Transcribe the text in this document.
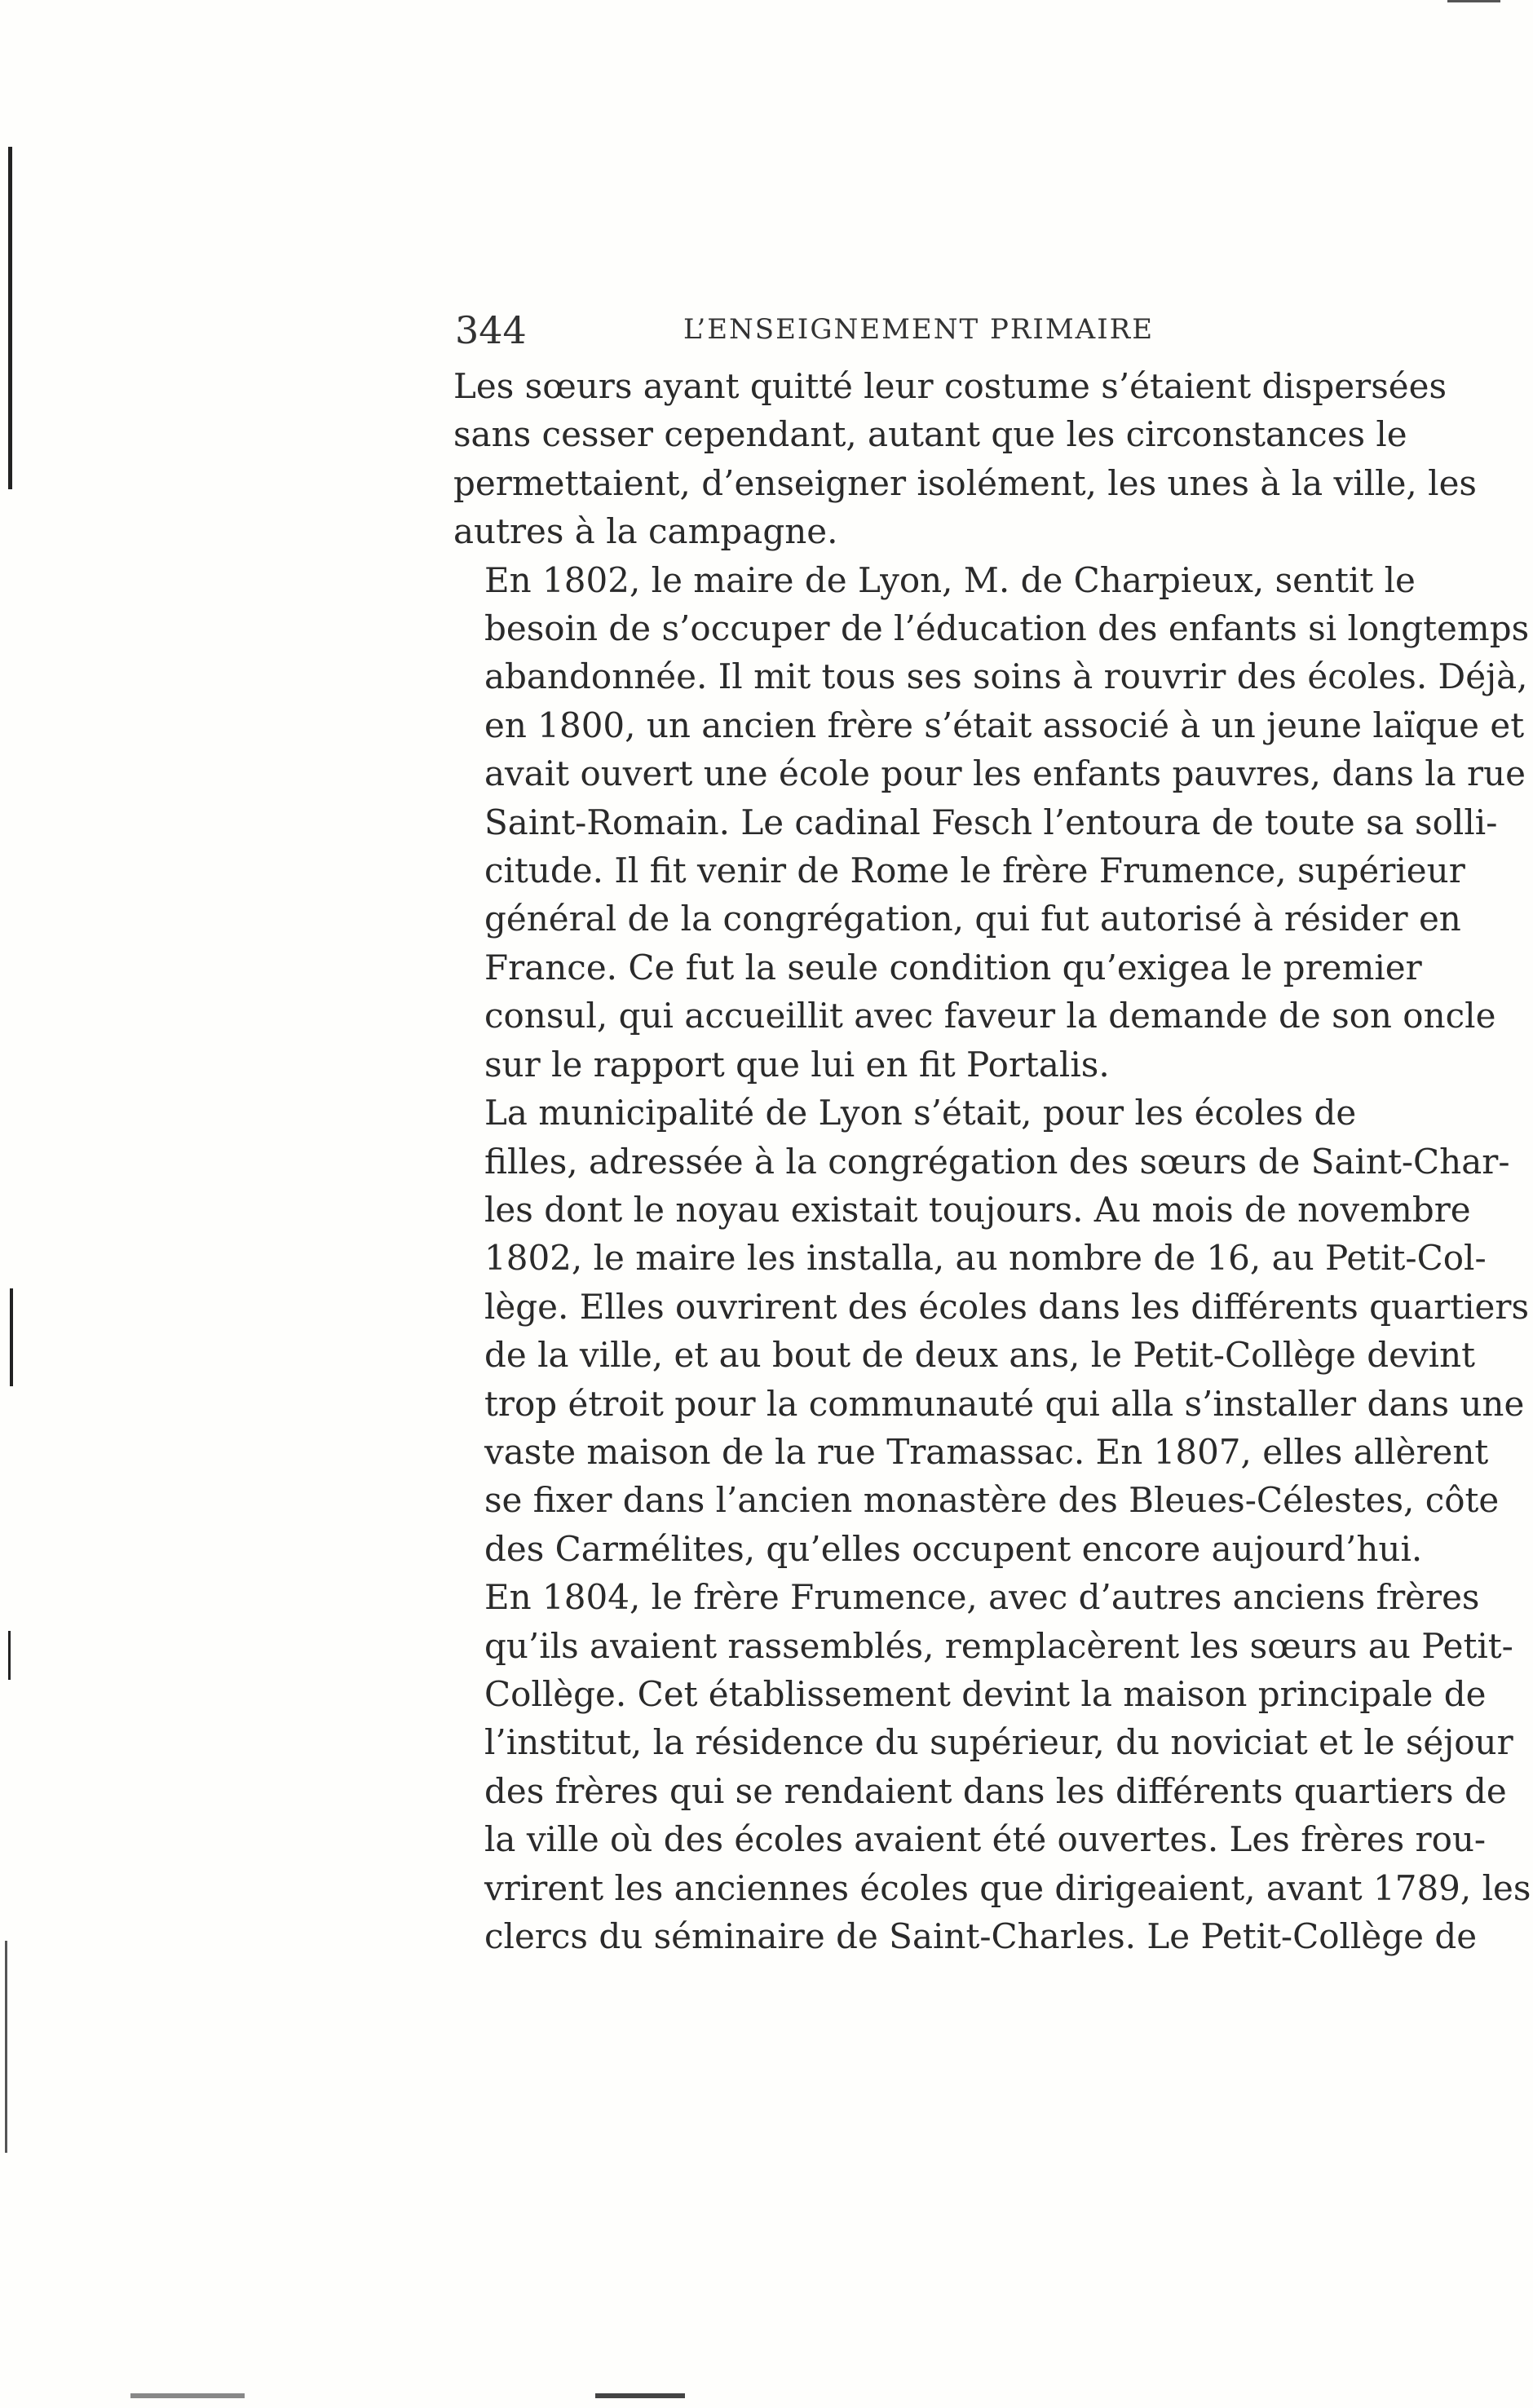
344	L’ENSEIGNEMENT PRIMAIRE

Les sœurs ayant quitté leur costume s’étaient dispersées
sans cesser cependant, autant que les circonstances le
permettaient, d’enseigner isolément, les unes à la ville, les
autres à la campagne.

En 1802, le maire de Lyon, M. de Charpieux, sentit le
besoin de s’occuper de l’éducation des enfants si longtemps
abandonnée. Il mit tous ses soins à rouvrir des écoles. Déjà,
en 1800, un ancien frère s’était associé à un jeune laïque et
avait ouvert une école pour les enfants pauvres, dans la rue
Saint-Romain. Le cadinal Fesch l’entoura de toute sa solli-
citude. Il fit venir de Rome le frère Frumence, supérieur
général de la congrégation, qui fut autorisé à résider en
France. Ce fut la seule condition qu’exigea le premier
consul, qui accueillit avec faveur la demande de son oncle
sur le rapport que lui en fit Portalis.

La municipalité de Lyon s’était, pour les écoles de
filles, adressée à la congrégation des sœurs de Saint-Char-
les dont le noyau existait toujours. Au mois de novembre
1802, le maire les installa, au nombre de 16, au Petit-Col-
lège. Elles ouvrirent des écoles dans les différents quartiers
de la ville, et au bout de deux ans, le Petit-Collège devint
trop étroit pour la communauté qui alla s’installer dans une
vaste maison de la rue Tramassac. En 1807, elles allèrent
se fixer dans l’ancien monastère des Bleues-Célestes, côte
des Carmélites, qu’elles occupent encore aujourd’hui.

En 1804, le frère Frumence, avec d’autres anciens frères
qu’ils avaient rassemblés, remplacèrent les sœurs au Petit-
Collège. Cet établissement devint la maison principale de
l’institut, la résidence du supérieur, du noviciat et le séjour
des frères qui se rendaient dans les différents quartiers de
la ville où des écoles avaient été ouvertes. Les frères rou-
vrirent les anciennes écoles que dirigeaient, avant 1789, les
clercs du séminaire de Saint-Charles. Le Petit-Collège de
